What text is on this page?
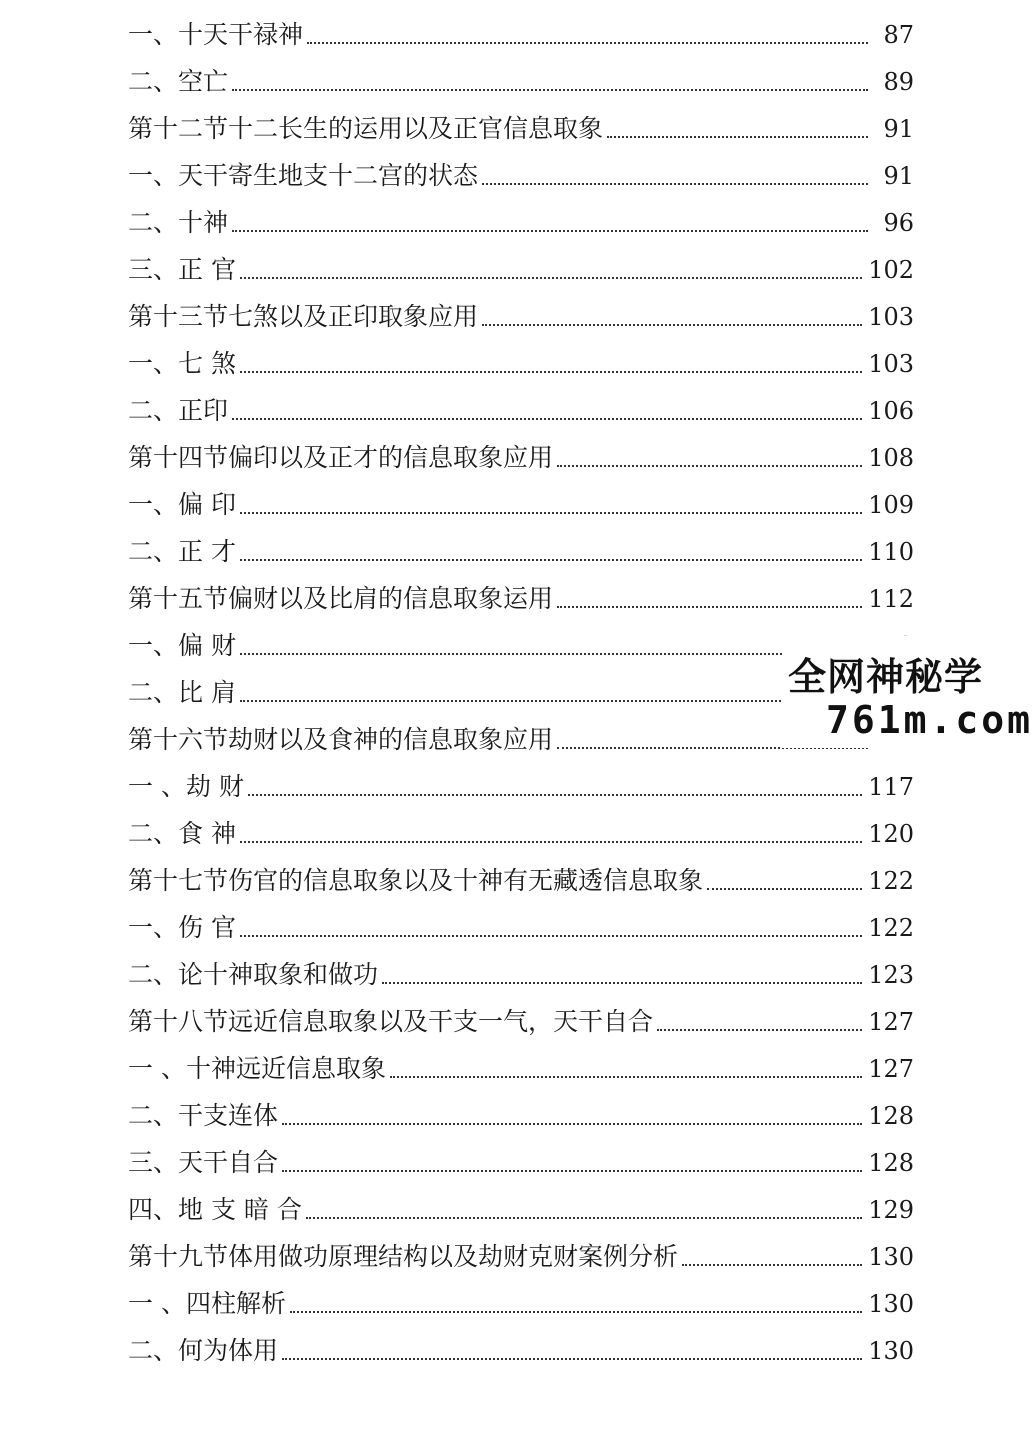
一、十天干禄神	87
二、空亡	89
第十二节十二长生的运用以及正官信息取象	91
一、天干寄生地支十二宫的状态	91
二、十神	96
三、正 官	102
第十三节七煞以及正印取象应用	103
一、七 煞	103
二、正印	106
第十四节偏印以及正才的信息取象应用	108
一、偏 印	109
二、正 才	110
第十五节偏财以及比肩的信息取象运用	112
一、偏 财
二、比 肩
第十六节劫财以及食神的信息取象应用
一 、劫 财	117
二、食 神	120
第十七节伤官的信息取象以及十神有无藏透信息取象	122
一、伤 官	122
二、论十神取象和做功	123
第十八节远近信息取象以及干支一气，天干自合	127
一 、十神远近信息取象	127
二、干支连体	128
三、天干自合	128
四、地 支 暗 合	129
第十九节体用做功原理结构以及劫财克财案例分析	130
一 、四柱解析	130
二、何为体用	130
全网神秘学
761m.com
